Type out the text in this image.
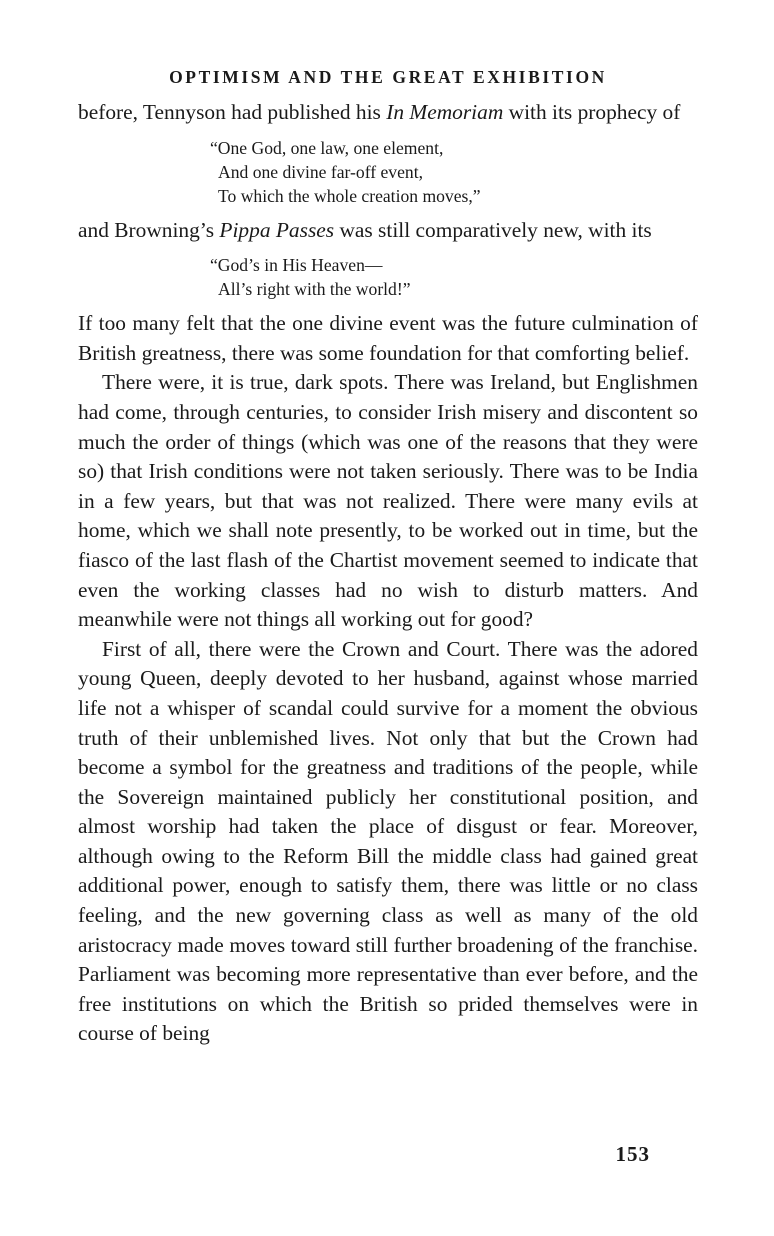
OPTIMISM AND THE GREAT EXHIBITION

before, Tennyson had published his In Memoriam with its prophecy of

“One God, one law, one element,
And one divine far-off event,
To which the whole creation moves,”

and Browning’s Pippa Passes was still comparatively new, with its

“God’s in His Heaven—
All’s right with the world!”

If too many felt that the one divine event was the future culmination of British greatness, there was some foundation for that comforting belief.

There were, it is true, dark spots. There was Ireland, but Englishmen had come, through centuries, to consider Irish misery and discontent so much the order of things (which was one of the reasons that they were so) that Irish conditions were not taken seriously. There was to be India in a few years, but that was not realized. There were many evils at home, which we shall note presently, to be worked out in time, but the fiasco of the last flash of the Chartist movement seemed to indicate that even the working classes had no wish to disturb matters. And meanwhile were not things all working out for good?

First of all, there were the Crown and Court. There was the adored young Queen, deeply devoted to her husband, against whose married life not a whisper of scandal could survive for a moment the obvious truth of their unblemished lives. Not only that but the Crown had become a symbol for the greatness and traditions of the people, while the Sovereign maintained publicly her constitutional position, and almost worship had taken the place of disgust or fear. Moreover, although owing to the Reform Bill the middle class had gained great additional power, enough to satisfy them, there was little or no class feeling, and the new governing class as well as many of the old aristocracy made moves toward still further broadening of the franchise. Parliament was becoming more representative than ever before, and the free institutions on which the British so prided themselves were in course of being

153
